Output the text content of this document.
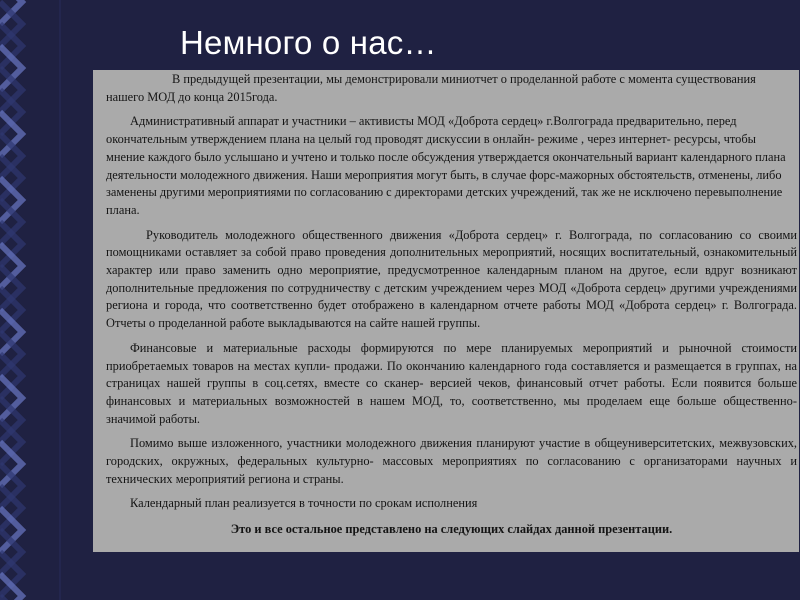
Немного о нас…

В предыдущей презентации, мы демонстрировали миниотчет о проделанной работе с момента существования нашего МОД до конца 2015года.

Административный аппарат и участники – активисты МОД «Доброта сердец» г.Волгограда предварительно, перед окончательным утверждением плана на целый год проводят дискуссии в онлайн- режиме , через интернет- ресурсы, чтобы мнение каждого было услышано и учтено и только после обсуждения утверждается окончательный вариант календарного плана деятельности молодежного движения. Наши мероприятия могут быть, в случае форс-мажорных обстоятельств, отменены, либо заменены другими мероприятиями по согласованию с директорами детских учреждений, так же не исключено перевыполнение плана.

Руководитель молодежного общественного движения «Доброта сердец» г. Волгограда, по согласованию со своими помощниками оставляет за собой право проведения дополнительных мероприятий, носящих воспитательный, ознакомительный характер или право заменить одно мероприятие, предусмотренное календарным планом на другое, если вдруг возникают дополнительные предложения по сотрудничеству с детским учреждением через МОД «Доброта сердец» другими учреждениями региона и города, что соответственно будет отображено в календарном отчете работы МОД «Доброта сердец» г. Волгограда. Отчеты о проделанной работе выкладываются на сайте нашей группы.

Финансовые и материальные расходы формируются по мере планируемых мероприятий и рыночной стоимости приобретаемых товаров на местах купли- продажи. По окончанию календарного года составляется и размещается в группах, на страницах нашей группы в соц.сетях, вместе со сканер- версией чеков, финансовый отчет работы. Если появится больше финансовых и материальных возможностей в нашем МОД, то, соответственно, мы проделаем еще больше общественно- значимой работы.

Помимо выше изложенного, участники молодежного движения планируют участие в общеуниверситетских, межвузовских, городских, окружных, федеральных культурно- массовых мероприятиях по согласованию с организаторами научных и технических мероприятий региона и страны.

Календарный план реализуется в точности по срокам исполнения

Это и все остальное представлено на следующих слайдах данной презентации.
